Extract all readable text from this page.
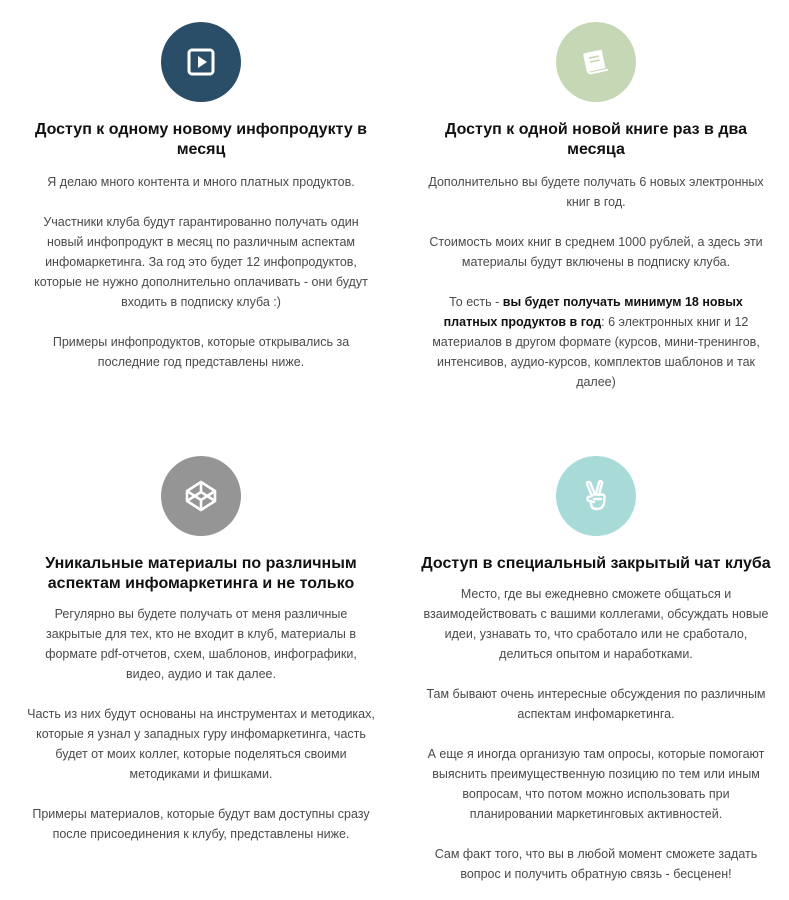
Доступ к одному новому инфопродукту в месяц

Я делаю много контента и много платных продуктов.

Участники клуба будут гарантированно получать один новый инфопродукт в месяц по различным аспектам инфомаркетинга. За год это будет 12 инфопродуктов, которые не нужно дополнительно оплачивать - они будут входить в подписку клуба :)

Примеры инфопродуктов, которые открывались за последние год представлены ниже.

Доступ к одной новой книге раз в два месяца

Дополнительно вы будете получать 6 новых электронных книг в год.

Стоимость моих книг в среднем 1000 рублей, а здесь эти материалы будут включены в подписку клуба.

То есть - вы будет получать минимум 18 новых платных продуктов в год: 6 электронных книг и 12 материалов в другом формате (курсов, мини-тренингов, интенсивов, аудио-курсов, комплектов шаблонов и так далее)

Уникальные материалы по различным аспектам инфомаркетинга и не только

Регулярно вы будете получать от меня различные закрытые для тех, кто не входит в клуб, материалы в формате pdf-отчетов, схем, шаблонов, инфографики, видео, аудио и так далее.

Часть из них будут основаны на инструментах и методиках, которые я узнал у западных гуру инфомаркетинга, часть будет от моих коллег, которые поделяться своими методиками и фишками.

Примеры материалов, которые будут вам доступны сразу после присоединения к клубу, представлены ниже.

Доступ в специальный закрытый чат клуба

Место, где вы ежедневно сможете общаться и взаимодействовать с вашими коллегами, обсуждать новые идеи, узнавать то, что сработало или не сработало, делиться опытом и наработками.

Там бывают очень интересные обсуждения по различным аспектам инфомаркетинга.

А еще я иногда организую там опросы, которые помогают выяснить преимущественную позицию по тем или иным вопросам, что потом можно использовать при планировании маркетинговых активностей.

Сам факт того, что вы в любой момент сможете задать вопрос и получить обратную связь - бесценен!
